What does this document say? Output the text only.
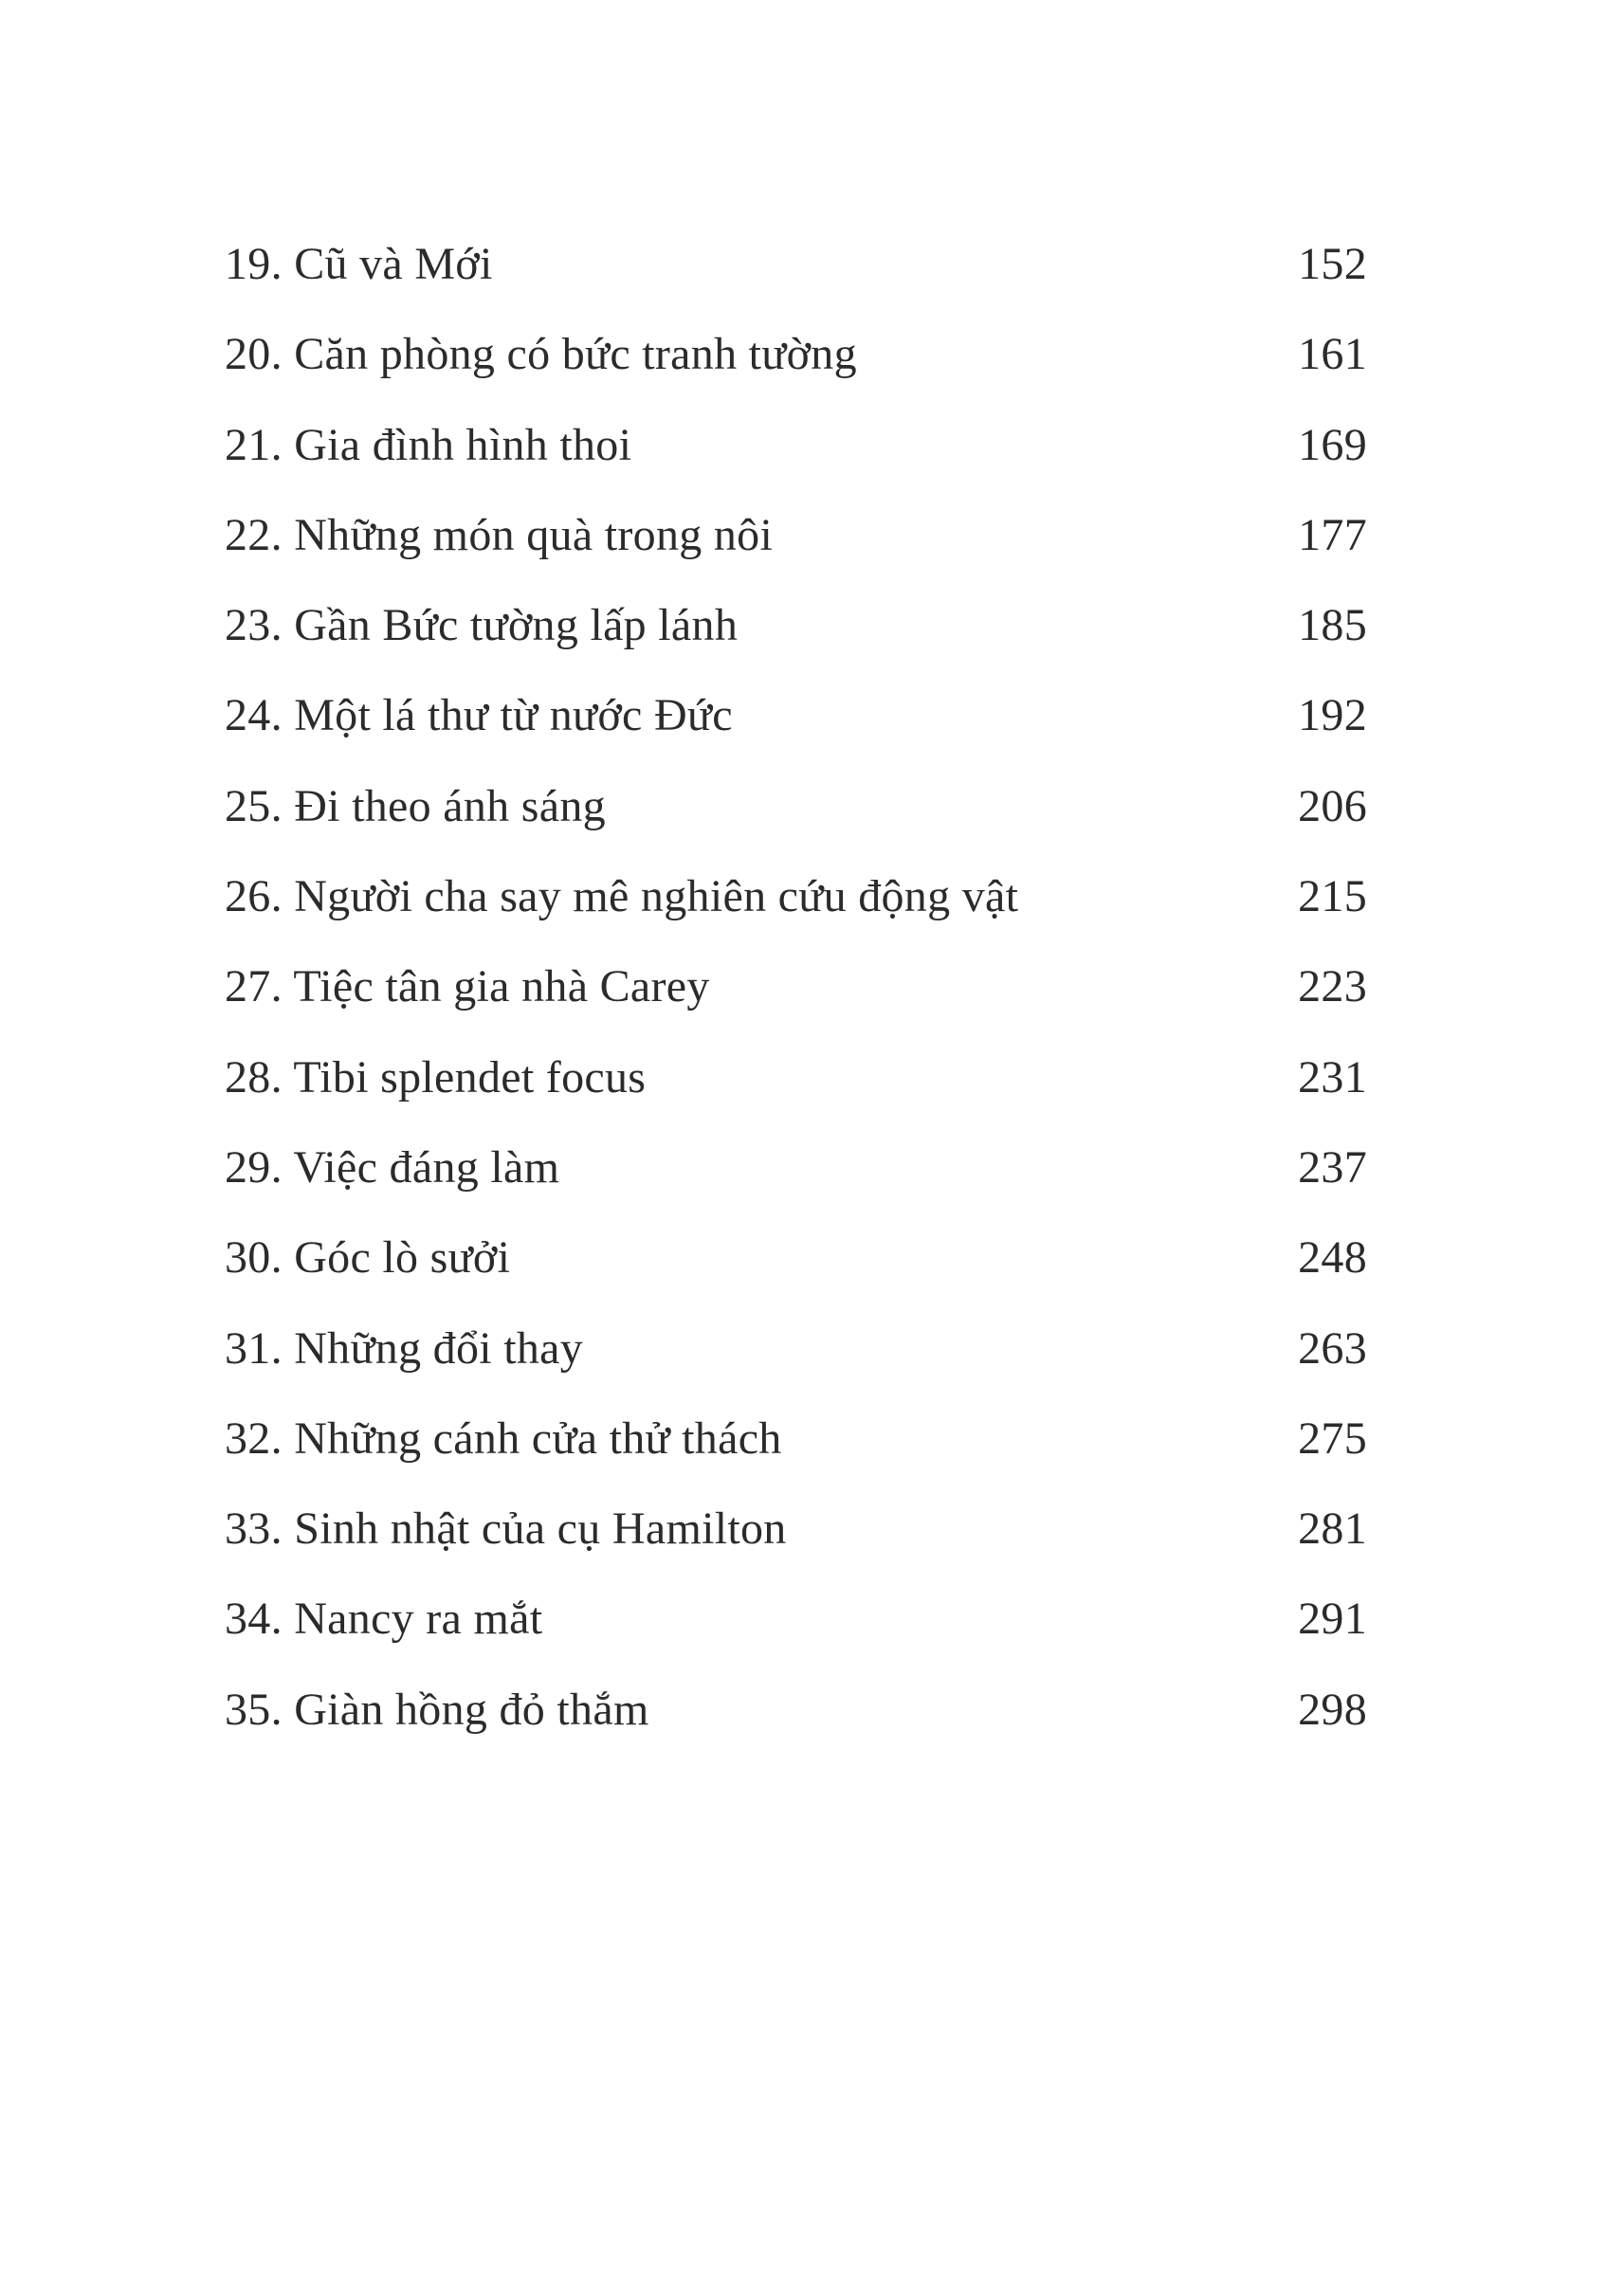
19. Cũ và Mới	152
20. Căn phòng có bức tranh tường	161
21. Gia đình hình thoi	169
22. Những món quà trong nôi	177
23. Gần Bức tường lấp lánh	185
24. Một lá thư từ nước Đức	192
25. Đi theo ánh sáng	206
26. Người cha say mê nghiên cứu động vật	215
27. Tiệc tân gia nhà Carey	223
28. Tibi splendet focus	231
29. Việc đáng làm	237
30. Góc lò sưởi	248
31. Những đổi thay	263
32. Những cánh cửa thử thách	275
33. Sinh nhật của cụ Hamilton	281
34. Nancy ra mắt	291
35. Giàn hồng đỏ thắm	298
